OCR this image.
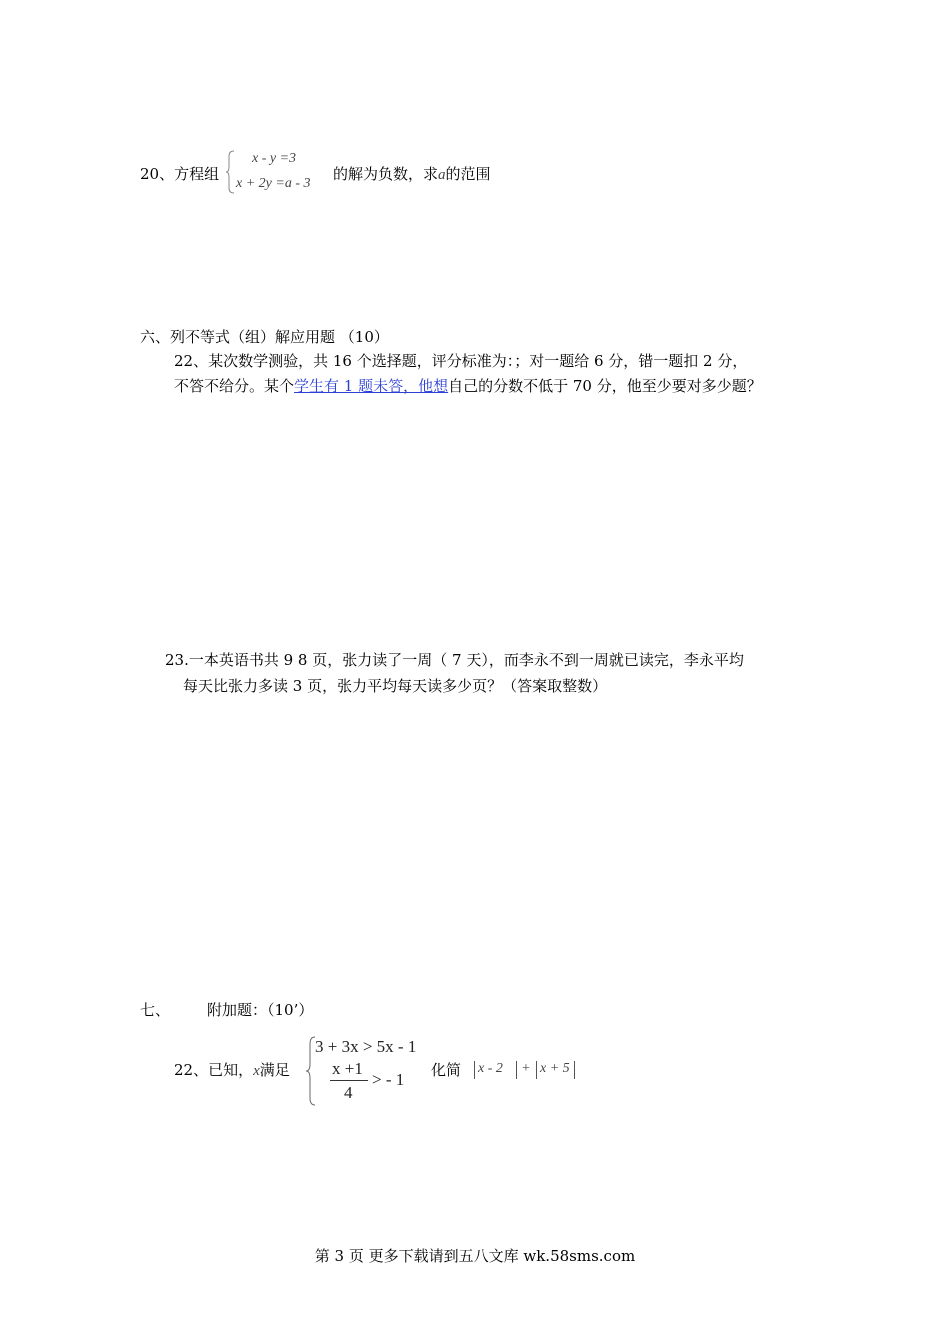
20、方程组
x - y =3
x + 2y =a - 3
的解为负数，求a的范围
六、列不等式（组）解应用题 （10）
22、某次数学测验，共 16 个选择题，评分标准为：；对一题给 6 分，错一题扣 2 分，
不答不给分。某个学生有 1 题未答，他想自己的分数不低于 70 分，他至少要对多少题？
23.一本英语书共 9 8 页，张力读了一周（ 7 天），而李永不到一周就已读完，李永平均
每天比张力多读 3 页，张力平均每天读多少页？（答案取整数）
七、 附加题：（10’）
22、已知，x满足
3 + 3x > 5x - 1
x +1
4
> - 1 化简 x - 2 + x + 5
第 3 页 更多下载请到五八文库 wk.58sms.com
